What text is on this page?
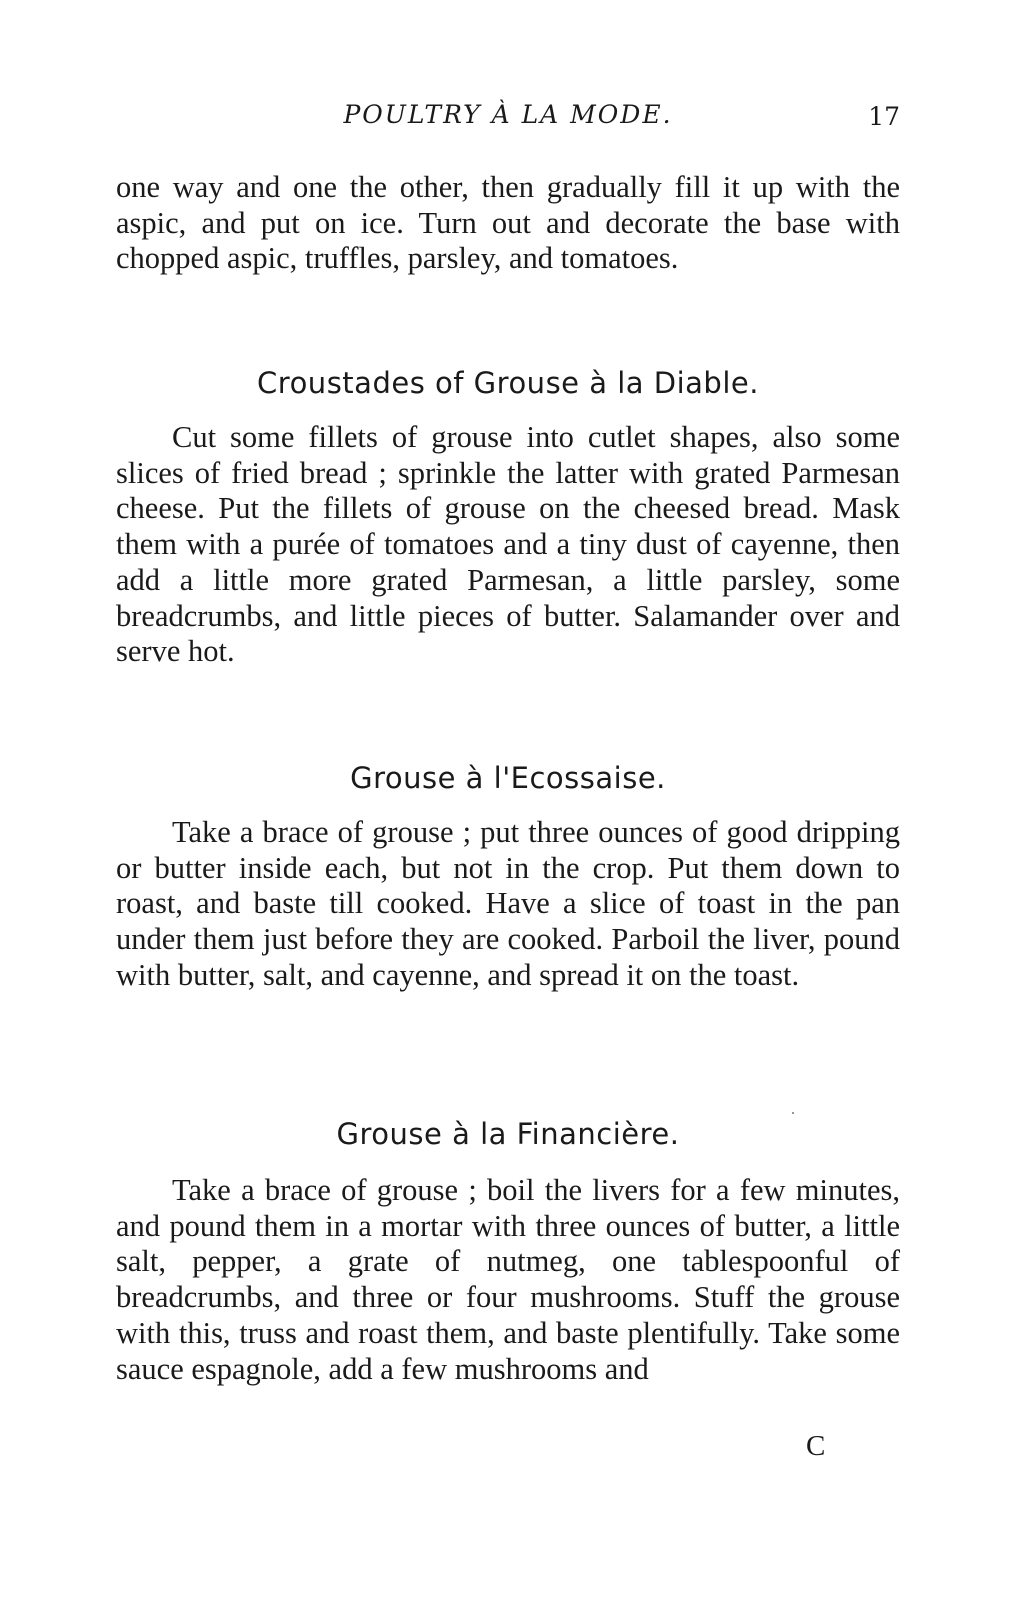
POULTRY À LA MODE.	17

one way and one the other, then gradually fill it up with the aspic, and put on ice. Turn out and decorate the base with chopped aspic, truffles, parsley, and tomatoes.

Croustades of Grouse à la Diable.

Cut some fillets of grouse into cutlet shapes, also some slices of fried bread ; sprinkle the latter with grated Parmesan cheese. Put the fillets of grouse on the cheesed bread. Mask them with a purée of tomatoes and a tiny dust of cayenne, then add a little more grated Parmesan, a little parsley, some breadcrumbs, and little pieces of butter. Salamander over and serve hot.

Grouse à l'Ecossaise.

Take a brace of grouse ; put three ounces of good dripping or butter inside each, but not in the crop. Put them down to roast, and baste till cooked. Have a slice of toast in the pan under them just before they are cooked. Parboil the liver, pound with butter, salt, and cayenne, and spread it on the toast.

Grouse à la Financière.

Take a brace of grouse ; boil the livers for a few minutes, and pound them in a mortar with three ounces of butter, a little salt, pepper, a grate of nutmeg, one tablespoonful of breadcrumbs, and three or four mushrooms. Stuff the grouse with this, truss and roast them, and baste plentifully. Take some sauce espagnole, add a few mushrooms and

C
